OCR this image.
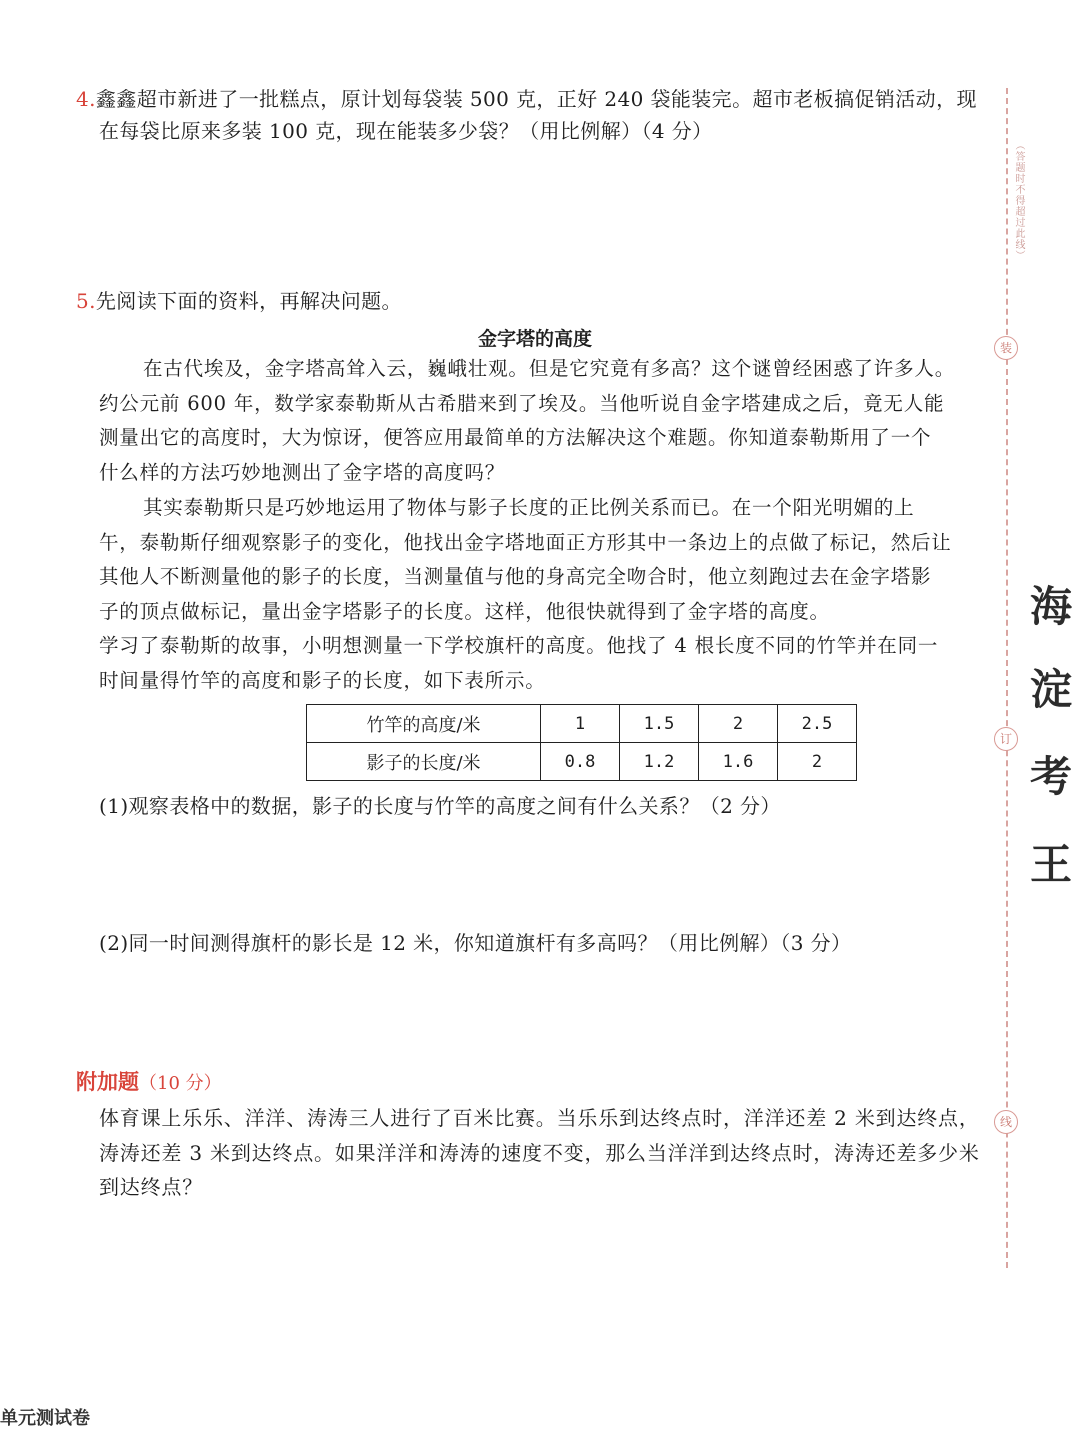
4.鑫鑫超市新进了一批糕点，原计划每袋装 500 克，正好 240 袋能装完。超市老板搞促销活动，现
在每袋比原来多装 100 克，现在能装多少袋？（用比例解）（4 分）
5.先阅读下面的资料，再解决问题。
金字塔的高度
在古代埃及，金字塔高耸入云，巍峨壮观。但是它究竟有多高？这个谜曾经困惑了许多人。
约公元前 600 年，数学家泰勒斯从古希腊来到了埃及。当他听说自金字塔建成之后，竟无人能
测量出它的高度时，大为惊讶，便答应用最简单的方法解决这个难题。你知道泰勒斯用了一个
什么样的方法巧妙地测出了金字塔的高度吗？
其实泰勒斯只是巧妙地运用了物体与影子长度的正比例关系而已。在一个阳光明媚的上
午，泰勒斯仔细观察影子的变化，他找出金字塔地面正方形其中一条边上的点做了标记，然后让
其他人不断测量他的影子的长度，当测量值与他的身高完全吻合时，他立刻跑过去在金字塔影
子的顶点做标记，量出金字塔影子的长度。这样，他很快就得到了金字塔的高度。
学习了泰勒斯的故事，小明想测量一下学校旗杆的高度。他找了 4 根长度不同的竹竿并在同一
时间量得竹竿的高度和影子的长度，如下表所示。
竹竿的高度/米	1	1.5	2	2.5
影子的长度/米	0.8	1.2	1.6	2
(1)观察表格中的数据，影子的长度与竹竿的高度之间有什么关系？（2 分）
(2)同一时间测得旗杆的影长是 12 米，你知道旗杆有多高吗？（用比例解）（3 分）
附加题（10 分）
体育课上乐乐、洋洋、涛涛三人进行了百米比赛。当乐乐到达终点时，洋洋还差 2 米到达终点，
涛涛还差 3 米到达终点。如果洋洋和涛涛的速度不变，那么当洋洋到达终点时，涛涛还差多少米
到达终点？
（答题时不得超过此线）
装
订
线
海
淀
考
王
单元测试卷
